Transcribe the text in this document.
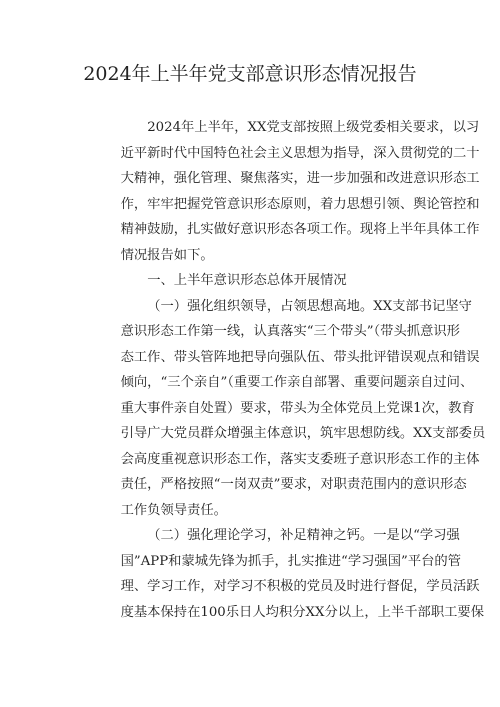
2024年上半年党支部意识形态情况报告
2024年上半年，XX党支部按照上级党委相关要求，以习
近平新时代中国特色社会主义思想为指导，深入贯彻党的二十
大精神，强化管理、聚焦落实，进一步加强和改进意识形态工
作，牢牢把握党管意识形态原则，着力思想引领、舆论管控和
精神鼓励，扎实做好意识形态各项工作。现将上半年具体工作
情况报告如下。
一、上半年意识形态总体开展情况
（一）强化组织领导，占领思想高地。XX支部书记坚守
意识形态工作第一线，认真落实“三个带头”（带头抓意识形
态工作、带头管阵地把导向强队伍、带头批评错误观点和错误
倾向，“三个亲自”（重要工作亲自部署、重要问题亲自过问、
重大事件亲自处置）要求，带头为全体党员上党课1次，教育
引导广大党员群众增强主体意识，筑牢思想防线。XX支部委员
会高度重视意识形态工作，落实支委班子意识形态工作的主体
责任，严格按照“一岗双责”要求，对职责范围内的意识形态
工作负领导责任。
（二）强化理论学习，补足精神之钙。一是以“学习强
国”APP和蒙城先锋为抓手，扎实推进“学习强国”平台的管
理、学习工作，对学习不积极的党员及时进行督促，学员活跃
度基本保持在100乐日人均积分XX分以上，上半千部职工要保
